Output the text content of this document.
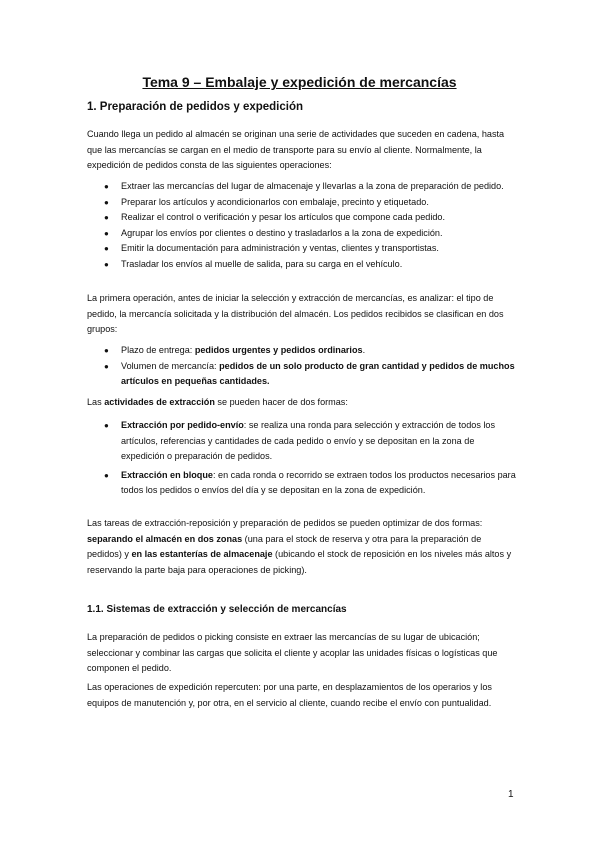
Tema 9 – Embalaje y expedición de mercancías
1. Preparación de pedidos y expedición
Cuando llega un pedido al almacén se originan una serie de actividades que suceden en cadena, hasta que las mercancías se cargan en el medio de transporte para su envío al cliente. Normalmente, la expedición de pedidos consta de las siguientes operaciones:
● Extraer las mercancías del lugar de almacenaje y llevarlas a la zona de preparación de pedido.
● Preparar los artículos y acondicionarlos con embalaje, precinto y etiquetado.
● Realizar el control o verificación y pesar los artículos que compone cada pedido.
● Agrupar los envíos por clientes o destino y trasladarlos a la zona de expedición.
● Emitir la documentación para administración y ventas, clientes y transportistas.
● Trasladar los envíos al muelle de salida, para su carga en el vehículo.
La primera operación, antes de iniciar la selección y extracción de mercancías, es analizar: el tipo de pedido, la mercancía solicitada y la distribución del almacén. Los pedidos recibidos se clasifican en dos grupos:
● Plazo de entrega: pedidos urgentes y pedidos ordinarios.
● Volumen de mercancía: pedidos de un solo producto de gran cantidad y pedidos de muchos artículos en pequeñas cantidades.
Las actividades de extracción se pueden hacer de dos formas:
● Extracción por pedido-envío: se realiza una ronda para selección y extracción de todos los artículos, referencias y cantidades de cada pedido o envío y se depositan en la zona de expedición o preparación de pedidos.
● Extracción en bloque: en cada ronda o recorrido se extraen todos los productos necesarios para todos los pedidos o envíos del día y se depositan en la zona de expedición.
Las tareas de extracción-reposición y preparación de pedidos se pueden optimizar de dos formas: separando el almacén en dos zonas (una para el stock de reserva y otra para la preparación de pedidos) y en las estanterías de almacenaje (ubicando el stock de reposición en los niveles más altos y reservando la parte baja para operaciones de picking).
1.1. Sistemas de extracción y selección de mercancías
La preparación de pedidos o picking consiste en extraer las mercancías de su lugar de ubicación; seleccionar y combinar las cargas que solicita el cliente y acoplar las unidades físicas o logísticas que componen el pedido.
Las operaciones de expedición repercuten: por una parte, en desplazamientos de los operarios y los equipos de manutención y, por otra, en el servicio al cliente, cuando recibe el envío con puntualidad.
1
